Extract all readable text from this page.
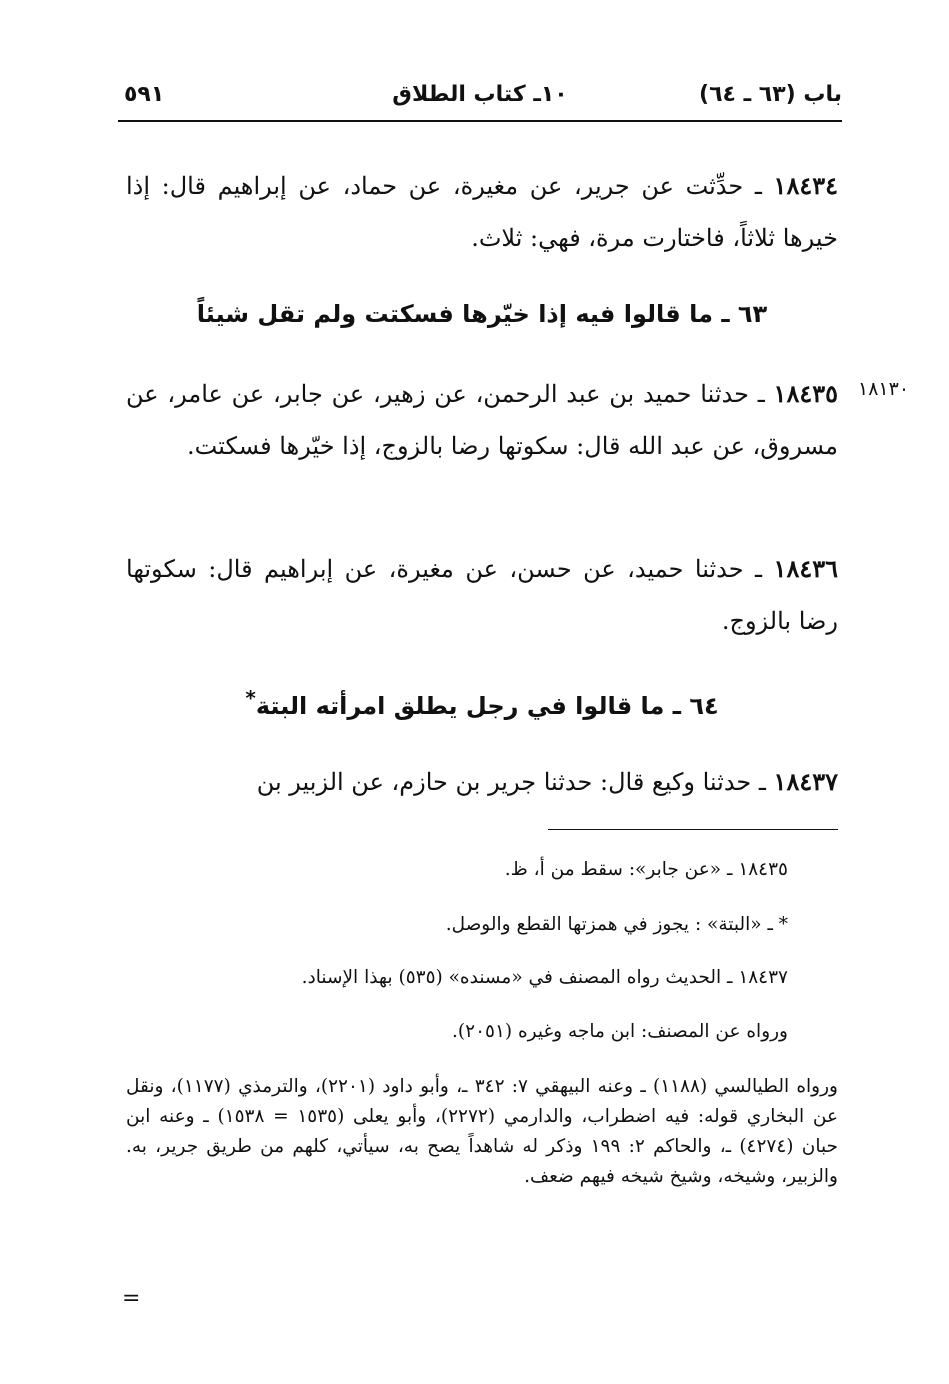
باب (٦٣ ـ ٦٤)
١٠ـ كتاب الطلاق
٥٩١
١٨٤٣٤ ـ حدِّثت عن جرير، عن مغيرة، عن حماد، عن إبراهيم قال: إذا خيرها ثلاثاً، فاختارت مرة، فهي: ثلاث.
٦٣ ـ ما قالوا فيه إذا خيّرها فسكتت ولم تقل شيئاً
١٨١٣٠
١٨٤٣٥ ـ حدثنا حميد بن عبد الرحمن، عن زهير، عن جابر، عن عامر، عن مسروق، عن عبد الله قال: سكوتها رضا بالزوج، إذا خيّرها فسكتت.
١٨٤٣٦ ـ حدثنا حميد، عن حسن، عن مغيرة، عن إبراهيم قال: سكوتها رضا بالزوج.
٦٤ ـ ما قالوا في رجل يطلق امرأته البتة*
١٨٤٣٧ ـ حدثنا وكيع قال: حدثنا جرير بن حازم، عن الزبير بن
١٨٤٣٥ ـ «عن جابر»: سقط من أ، ظ.
* ـ «البتة» : يجوز في همزتها القطع والوصل.
١٨٤٣٧ ـ الحديث رواه المصنف في «مسنده» (٥٣٥) بهذا الإسناد.
ورواه عن المصنف: ابن ماجه وغيره (٢٠٥١).
ورواه الطيالسي (١١٨٨) ـ وعنه البيهقي ٧: ٣٤٢ ـ، وأبو داود (٢٢٠١)، والترمذي (١١٧٧)، ونقل عن البخاري قوله: فيه اضطراب، والدارمي (٢٢٧٢)، وأبو يعلى (١٥٣٥ = ١٥٣٨) ـ وعنه ابن حبان (٤٢٧٤) ـ، والحاكم ٢: ١٩٩ وذكر له شاهداً يصح به، سيأتي، كلهم من طريق جرير، به. والزبير، وشيخه، وشيخ شيخه فيهم ضعف.
=
